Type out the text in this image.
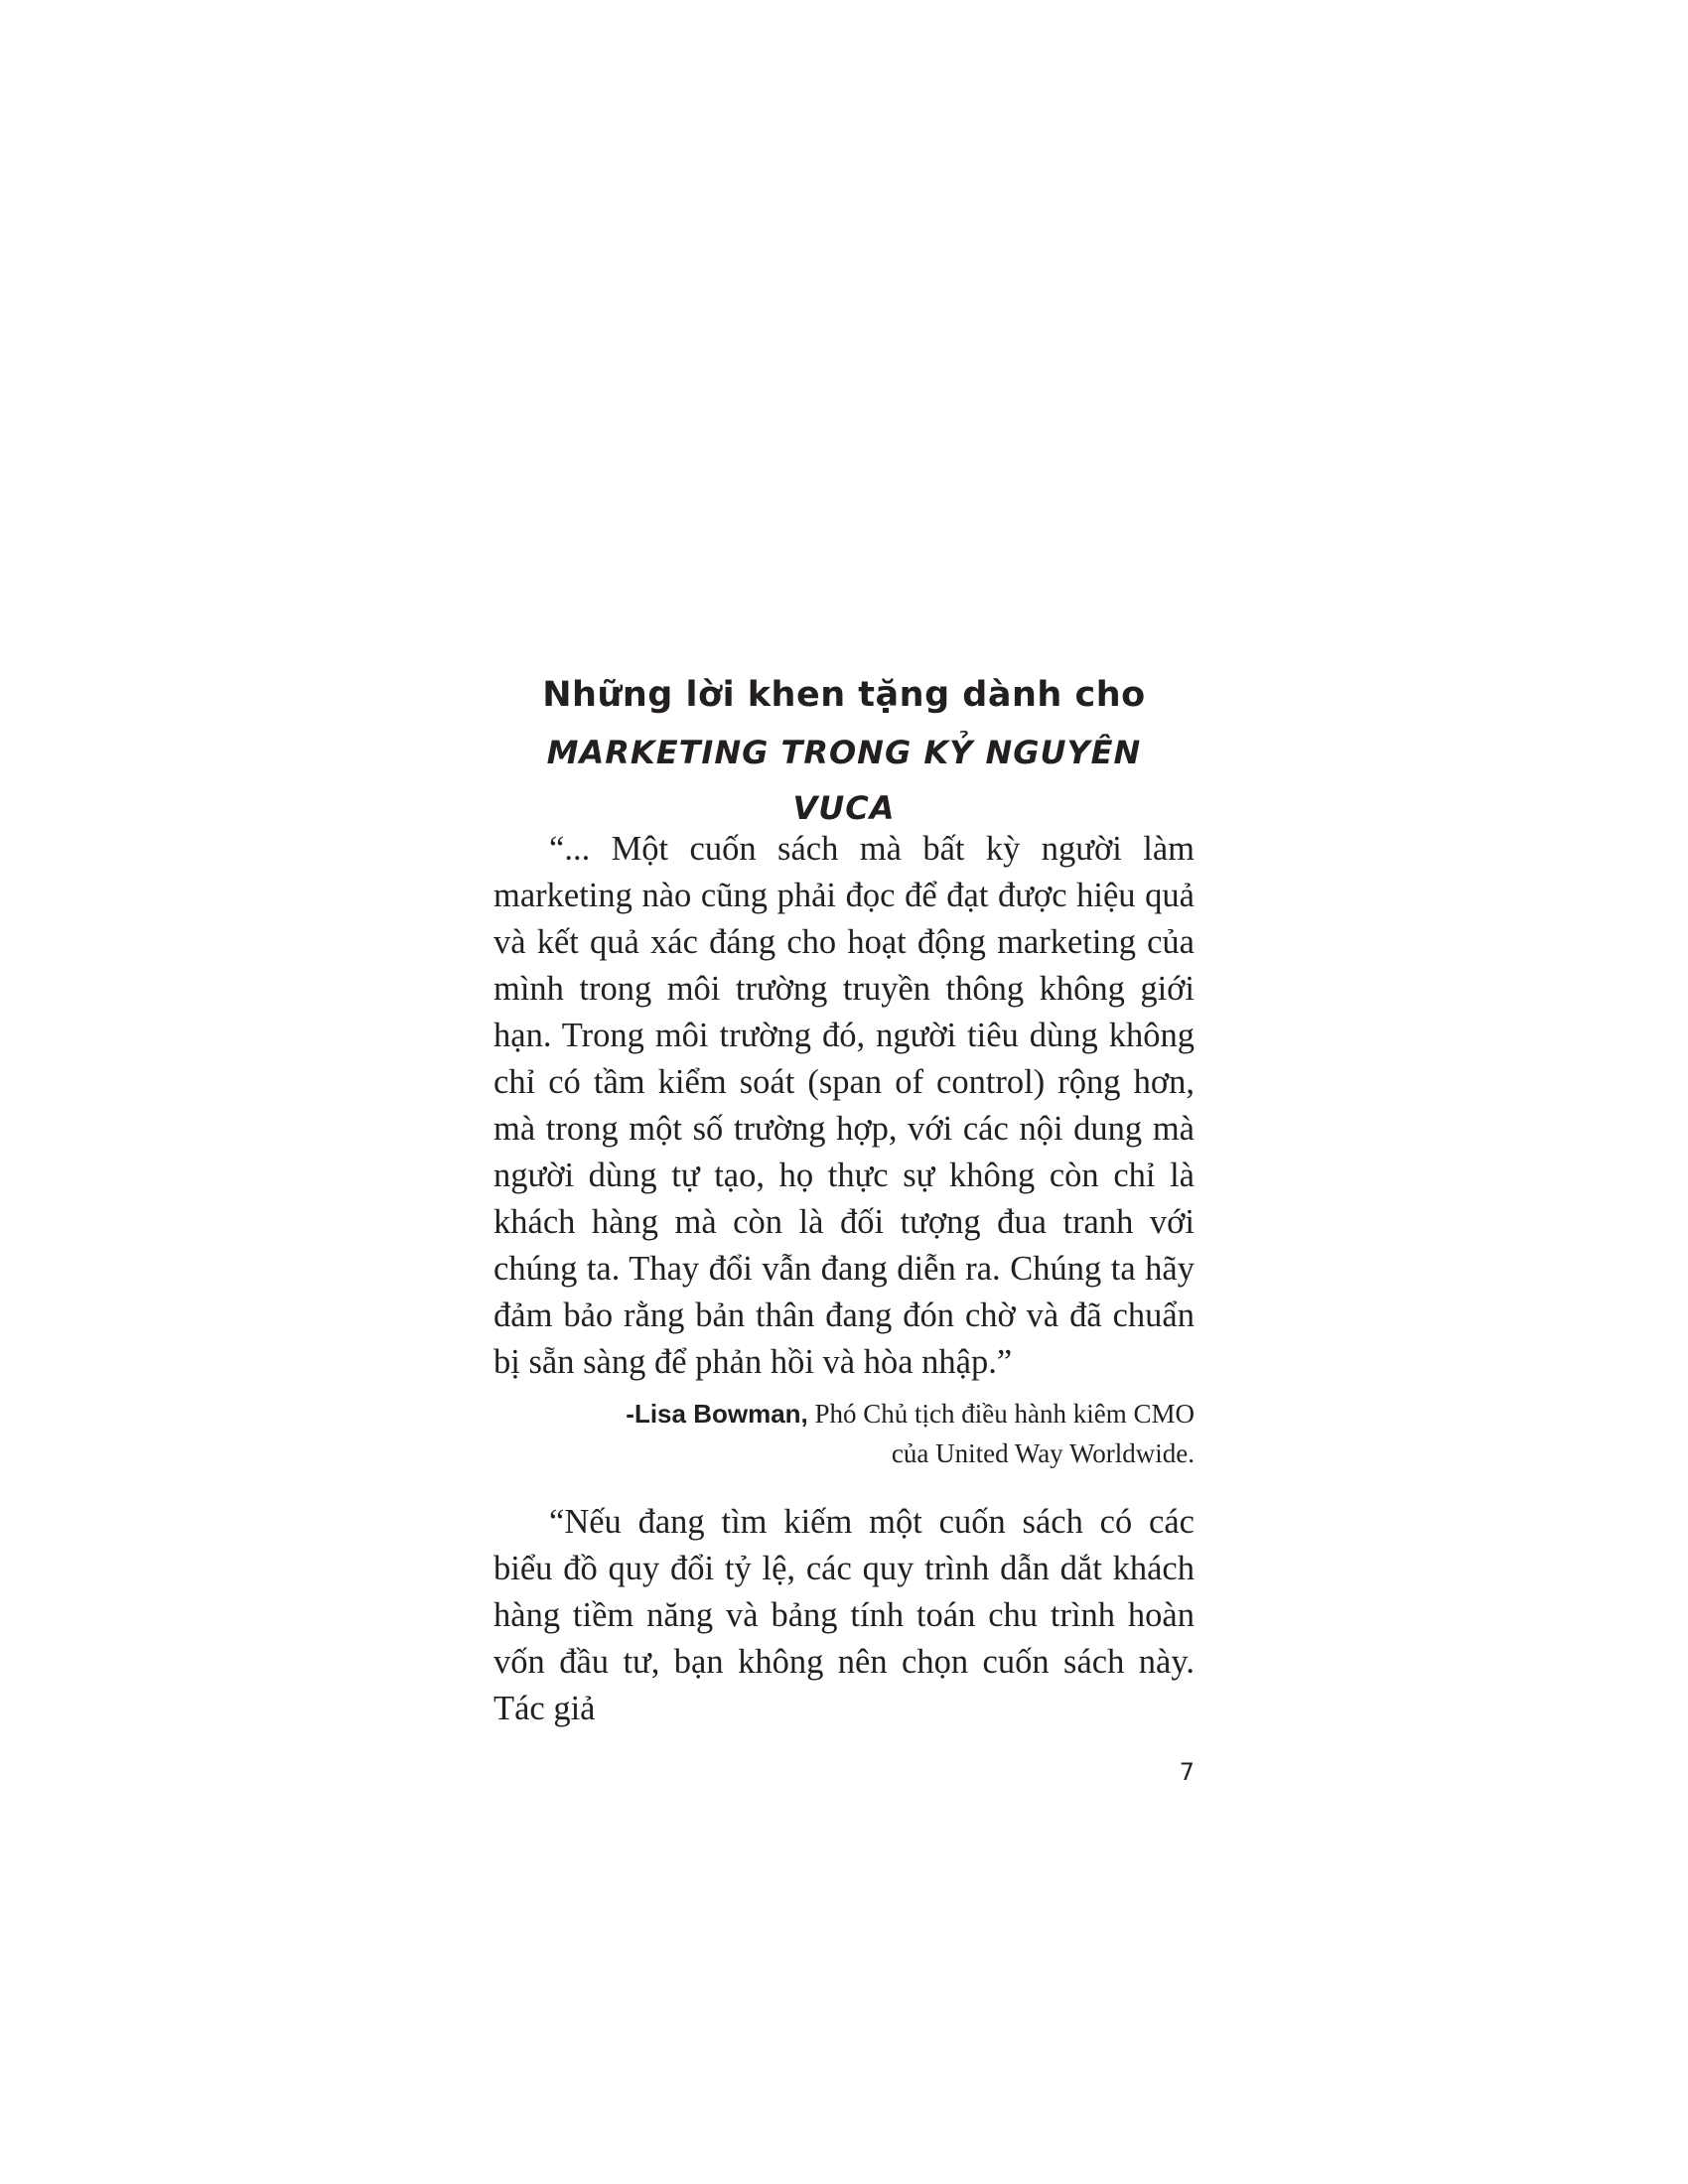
Những lời khen tặng dành cho
MARKETING TRONG KỶ NGUYÊN VUCA

“... Một cuốn sách mà bất kỳ người làm marketing nào cũng phải đọc để đạt được hiệu quả và kết quả xác đáng cho hoạt động marketing của mình trong môi trường truyền thông không giới hạn. Trong môi trường đó, người tiêu dùng không chỉ có tầm kiểm soát (span of control) rộng hơn, mà trong một số trường hợp, với các nội dung mà người dùng tự tạo, họ thực sự không còn chỉ là khách hàng mà còn là đối tượng đua tranh với chúng ta. Thay đổi vẫn đang diễn ra. Chúng ta hãy đảm bảo rằng bản thân đang đón chờ và đã chuẩn bị sẵn sàng để phản hồi và hòa nhập.”

-Lisa Bowman, Phó Chủ tịch điều hành kiêm CMO
của United Way Worldwide.

“Nếu đang tìm kiếm một cuốn sách có các biểu đồ quy đổi tỷ lệ, các quy trình dẫn dắt khách hàng tiềm năng và bảng tính toán chu trình hoàn vốn đầu tư, bạn không nên chọn cuốn sách này. Tác giả

7
